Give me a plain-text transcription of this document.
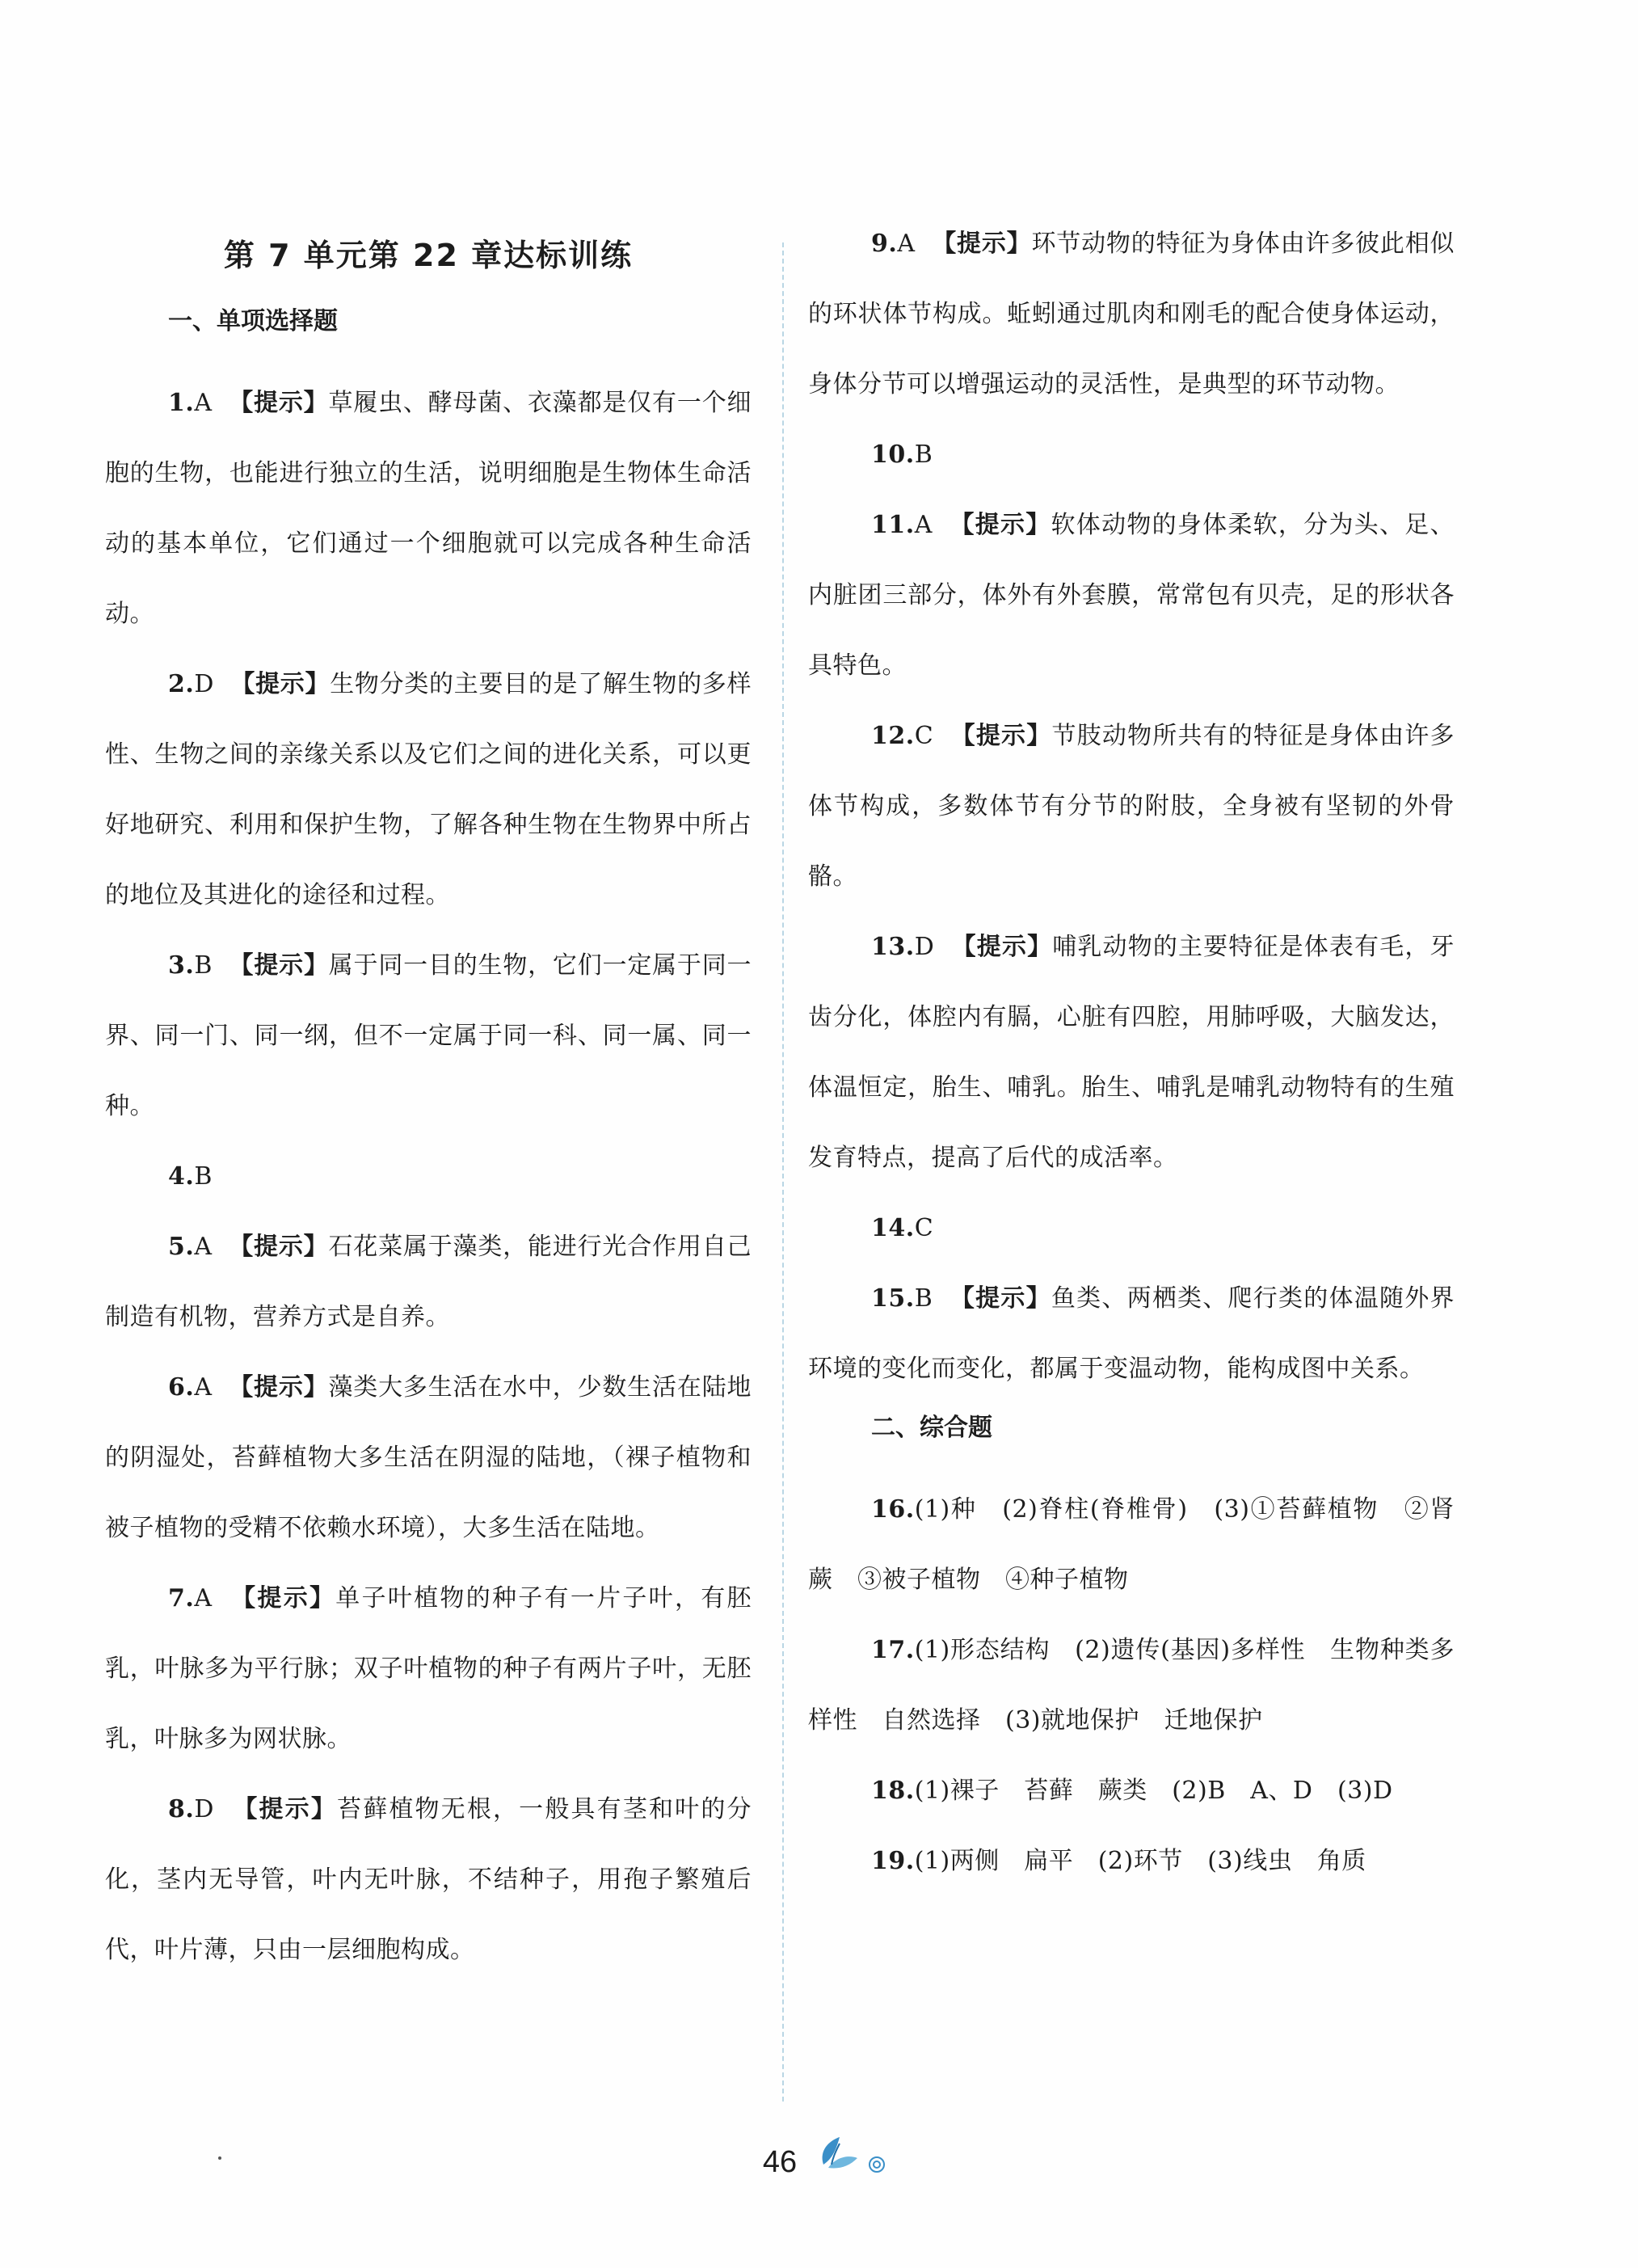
第 7 单元第 22 章达标训练
一、单项选择题
1.A 【提示】草履虫、酵母菌、衣藻都是仅有一个细胞的生物，也能进行独立的生活，说明细胞是生物体生命活动的基本单位，它们通过一个细胞就可以完成各种生命活动。
2.D 【提示】生物分类的主要目的是了解生物的多样性、生物之间的亲缘关系以及它们之间的进化关系，可以更好地研究、利用和保护生物，了解各种生物在生物界中所占的地位及其进化的途径和过程。
3.B 【提示】属于同一目的生物，它们一定属于同一界、同一门、同一纲，但不一定属于同一科、同一属、同一种。
4.B
5.A 【提示】石花菜属于藻类，能进行光合作用自己制造有机物，营养方式是自养。
6.A 【提示】藻类大多生活在水中，少数生活在陆地的阴湿处，苔藓植物大多生活在阴湿的陆地，（裸子植物和被子植物的受精不依赖水环境），大多生活在陆地。
7.A 【提示】单子叶植物的种子有一片子叶，有胚乳，叶脉多为平行脉；双子叶植物的种子有两片子叶，无胚乳，叶脉多为网状脉。
8.D 【提示】苔藓植物无根，一般具有茎和叶的分化，茎内无导管，叶内无叶脉，不结种子，用孢子繁殖后代，叶片薄，只由一层细胞构成。
9.A 【提示】环节动物的特征为身体由许多彼此相似的环状体节构成。蚯蚓通过肌肉和刚毛的配合使身体运动，身体分节可以增强运动的灵活性，是典型的环节动物。
10.B
11.A 【提示】软体动物的身体柔软，分为头、足、内脏团三部分，体外有外套膜，常常包有贝壳，足的形状各具特色。
12.C 【提示】节肢动物所共有的特征是身体由许多体节构成，多数体节有分节的附肢，全身被有坚韧的外骨骼。
13.D 【提示】哺乳动物的主要特征是体表有毛，牙齿分化，体腔内有膈，心脏有四腔，用肺呼吸，大脑发达，体温恒定，胎生、哺乳。胎生、哺乳是哺乳动物特有的生殖发育特点，提高了后代的成活率。
14.C
15.B 【提示】鱼类、两栖类、爬行类的体温随外界环境的变化而变化，都属于变温动物，能构成图中关系。
二、综合题
16.(1)种　(2)脊柱(脊椎骨)　(3)①苔藓植物　②肾蕨　③被子植物　④种子植物
17.(1)形态结构　(2)遗传(基因)多样性　生物种类多样性　自然选择　(3)就地保护　迁地保护
18.(1)裸子　苔藓　蕨类　(2)B　A、D　(3)D
19.(1)两侧　扁平　(2)环节　(3)线虫　角质
46
